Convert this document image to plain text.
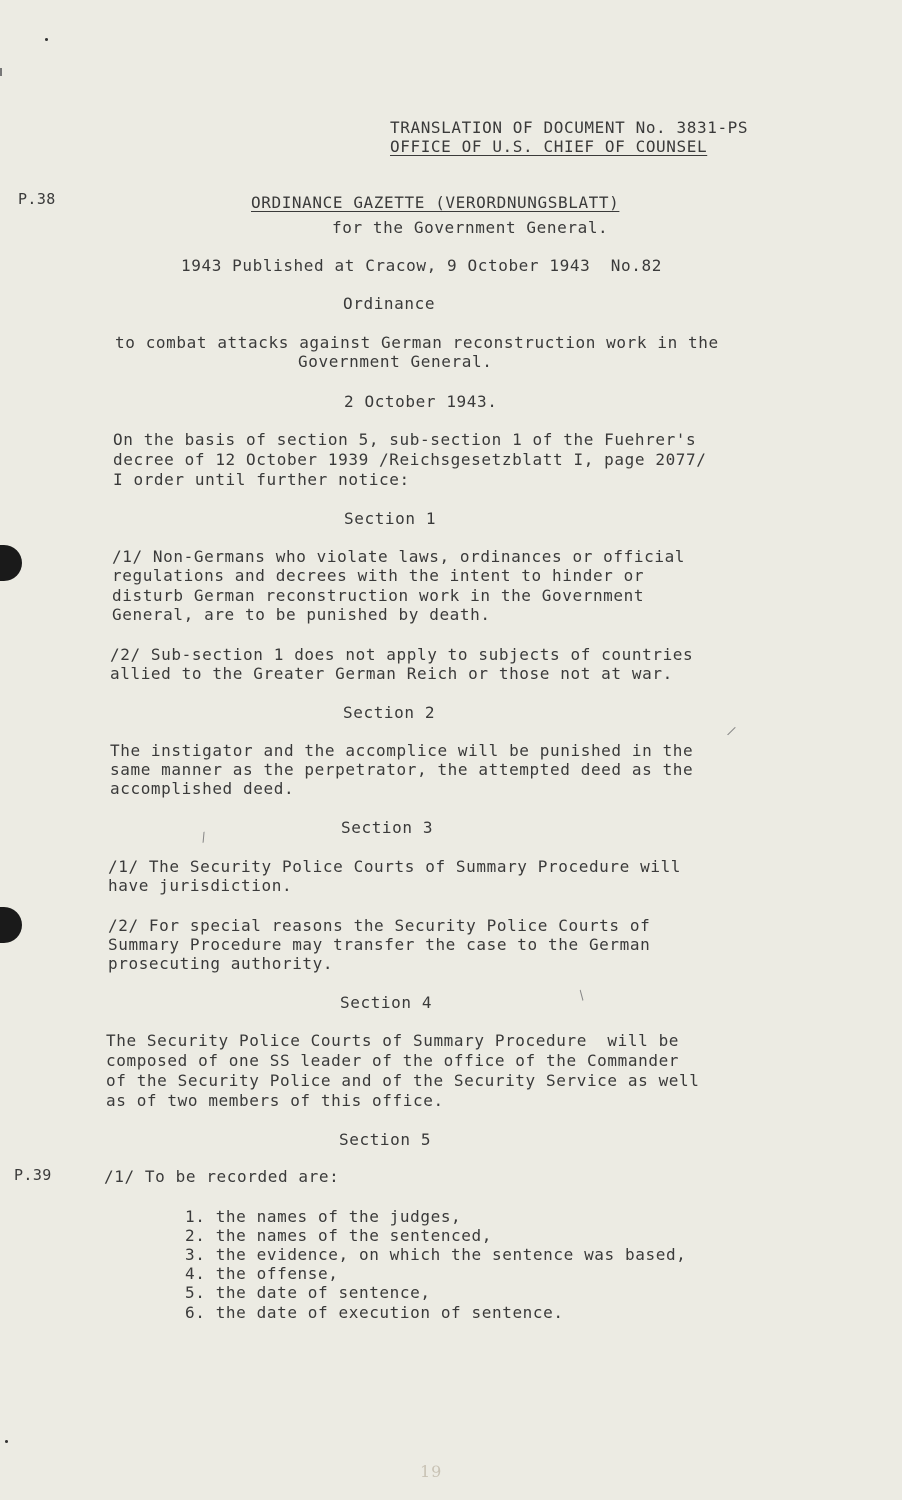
/
/
/

TRANSLATION OF DOCUMENT No. 3831-PS

OFFICE OF U.S. CHIEF OF COUNSEL

P.38

P.39

ORDINANCE GAZETTE (VERORDNUNGSBLATT)

for the Government General.

1943 Published at Cracow, 9 October 1943  No.82

Ordinance

to combat attacks against German reconstruction work in the

Government General.

2 October 1943.

On the basis of section 5, sub-section 1 of the Fuehrer's

decree of 12 October 1939 /Reichsgesetzblatt I, page 2077/

I order until further notice:

Section 1

/1/ Non-Germans who violate laws, ordinances or official

regulations and decrees with the intent to hinder or

disturb German reconstruction work in the Government

General, are to be punished by death.

/2/ Sub-section 1 does not apply to subjects of countries

allied to the Greater German Reich or those not at war.

Section 2

The instigator and the accomplice will be punished in the

same manner as the perpetrator, the attempted deed as the

accomplished deed.

Section 3

/1/ The Security Police Courts of Summary Procedure will

have jurisdiction.

/2/ For special reasons the Security Police Courts of

Summary Procedure may transfer the case to the German

prosecuting authority.

Section 4

The Security Police Courts of Summary Procedure  will be

composed of one SS leader of the office of the Commander

of the Security Police and of the Security Service as well

as of two members of this office.

Section 5

/1/ To be recorded are:

1. the names of the judges,

2. the names of the sentenced,

3. the evidence, on which the sentence was based,

4. the offense,

5. the date of sentence,

6. the date of execution of sentence.

19
